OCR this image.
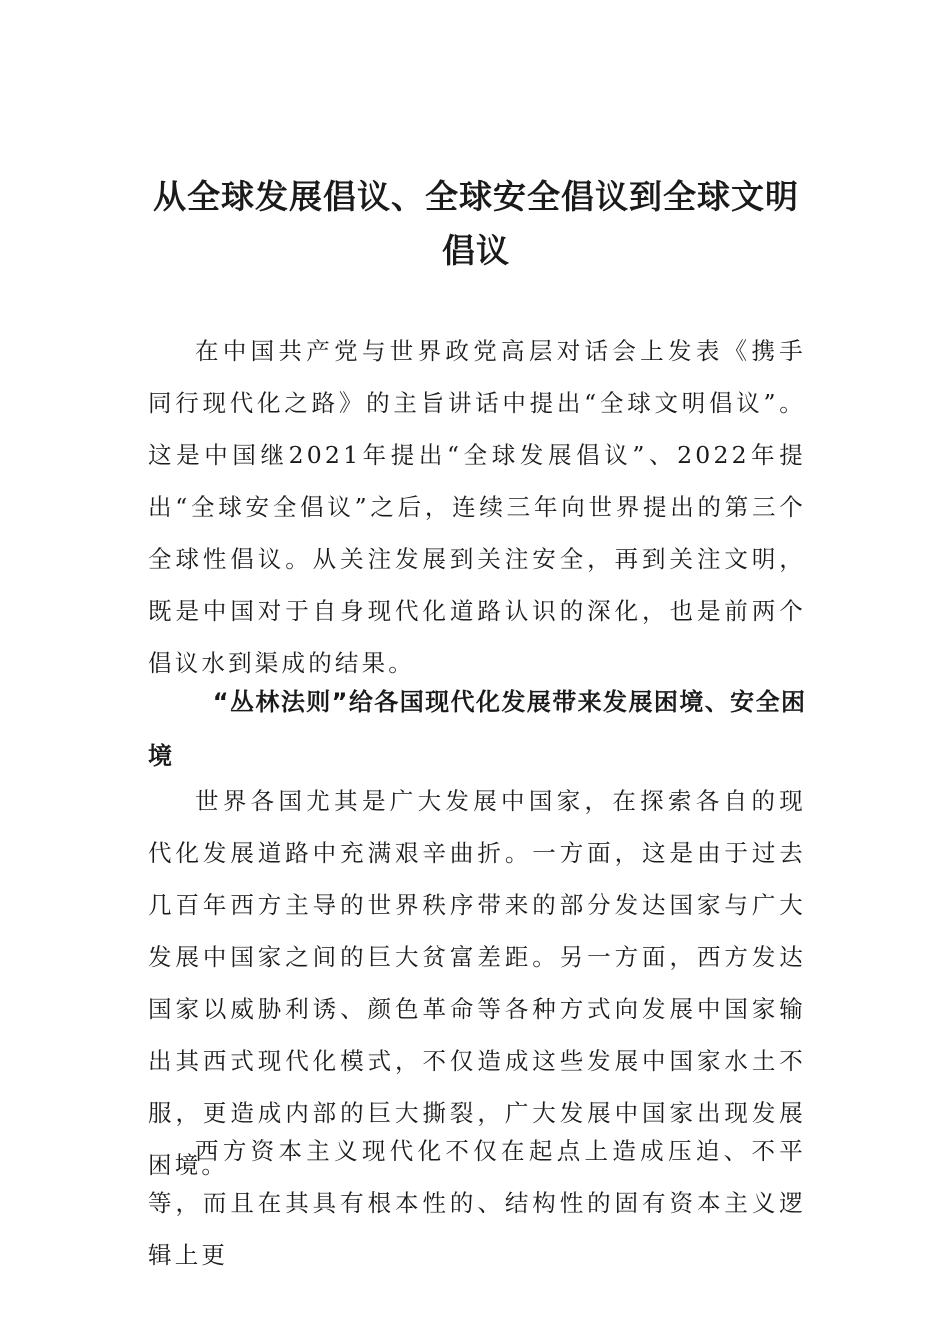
从全球发展倡议、全球安全倡议到全球文明倡议

在中国共产党与世界政党高层对话会上发表《携手同行现代化之路》的主旨讲话中提出“全球文明倡议”。这是中国继2021年提出“全球发展倡议”、2022年提出“全球安全倡议”之后，连续三年向世界提出的第三个全球性倡议。从关注发展到关注安全，再到关注文明，既是中国对于自身现代化道路认识的深化，也是前两个倡议水到渠成的结果。

“丛林法则”给各国现代化发展带来发展困境、安全困境

世界各国尤其是广大发展中国家，在探索各自的现代化发展道路中充满艰辛曲折。一方面，这是由于过去几百年西方主导的世界秩序带来的部分发达国家与广大发展中国家之间的巨大贫富差距。另一方面，西方发达国家以威胁利诱、颜色革命等各种方式向发展中国家输出其西式现代化模式，不仅造成这些发展中国家水土不服，更造成内部的巨大撕裂，广大发展中国家出现发展困境。

西方资本主义现代化不仅在起点上造成压迫、不平等，而且在其具有根本性的、结构性的固有资本主义逻辑上更
